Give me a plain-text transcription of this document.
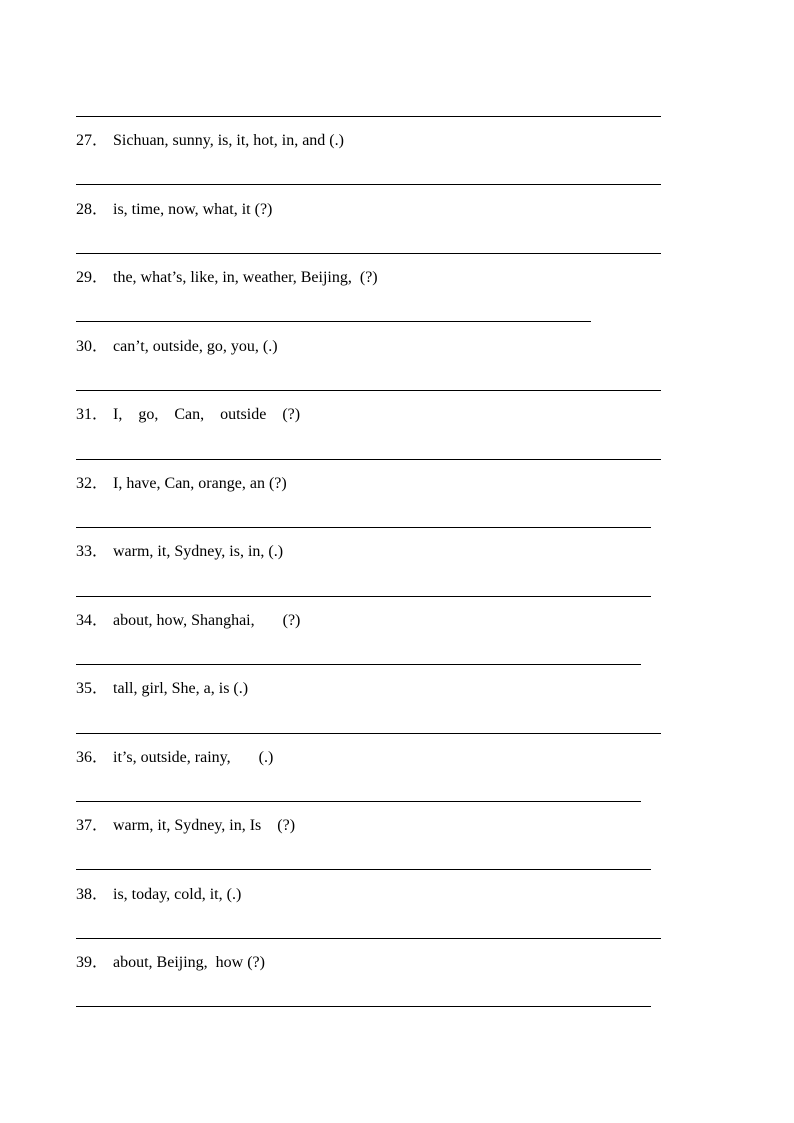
27． Sichuan, sunny, is, it, hot, in, and (.)
28． is, time, now, what, it (?)
29． the, what’s, like, in, weather, Beijing,  (?)
30． can’t, outside, go, you, (.)
31． I,    go,    Can,    outside    (?)
32． I, have, Can, orange, an (?)
33． warm, it, Sydney, is, in, (.)
34． about, how, Shanghai,       (?)
35． tall, girl, She, a, is (.)
36． it’s, outside, rainy,       (.)
37． warm, it, Sydney, in, Is    (?)
38． is, today, cold, it, (.)
39． about, Beijing,  how (?)
